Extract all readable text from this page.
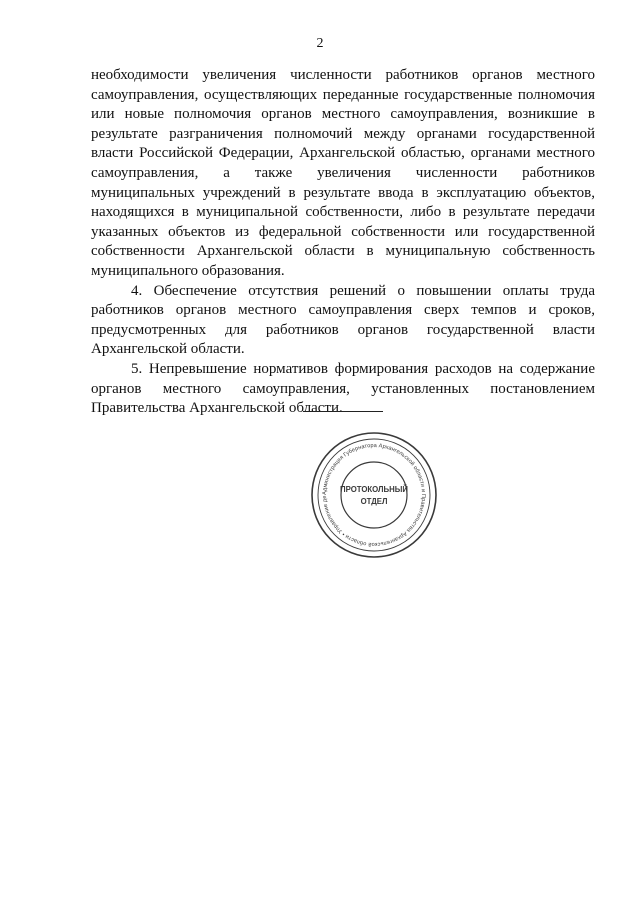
2

необходимости увеличения численности работников органов местного самоуправления, осуществляющих переданные государственные полномочия или новые полномочия органов местного самоуправления, возникшие в результате разграничения полномочий между органами государственной власти Российской Федерации, Архангельской областью, органами местного самоуправления, а также увеличения численности работников муниципальных учреждений в результате ввода в эксплуатацию объектов, находящихся в муниципальной собственности, либо в результате передачи указанных объектов из федеральной собственности или государственной собственности Архангельской области в муниципальную собственность муниципального образования.

4. Обеспечение отсутствия решений о повышении оплаты труда работников органов местного самоуправления сверх темпов и сроков, предусмотренных для работников органов государственной власти Архангельской области.

5. Непревышение нормативов формирования расходов на содержание органов местного самоуправления, установленных постановлением Правительства Архангельской области.

Администрация Губернатора Архангельской области и Правительства Архангельской области • Управление де
ПРОТОКОЛЬНЫЙ
ОТДЕЛ
